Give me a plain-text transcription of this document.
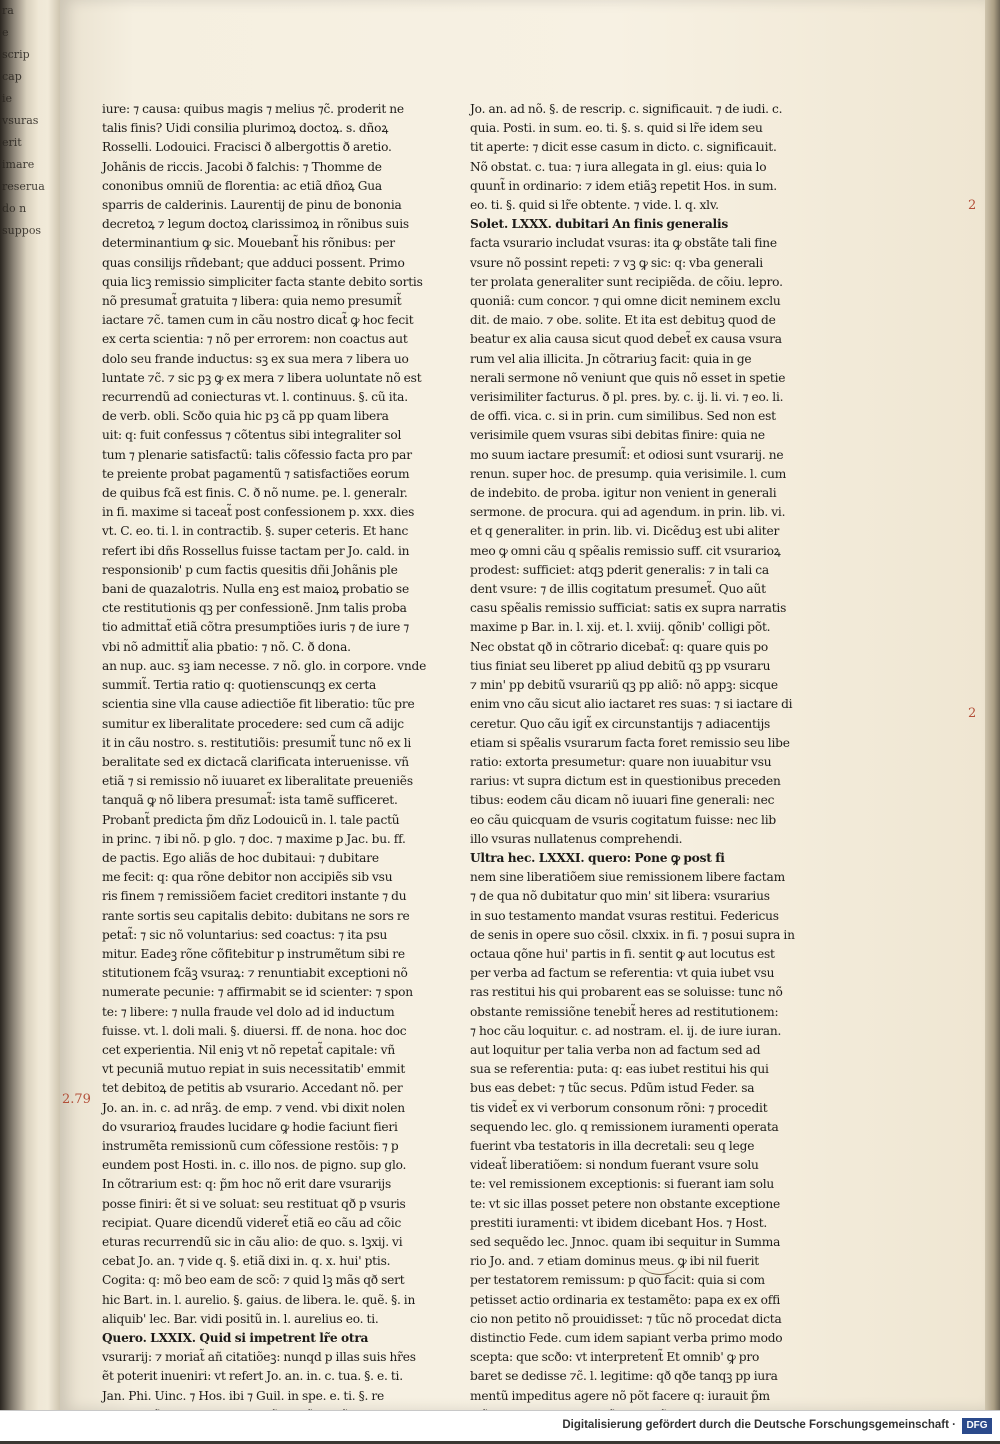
ra
e
scrip
cap
ie
vsuras
erit
imare
reserua
do n
suppos
iure: ⁊ causa: quibus magis ⁊ melius ⁊c̃. proderit ne
talis finis? Uidi consilia plurimoꝝ doctoꝝ. s. dñoꝝ
Rosselli. Lodouici. Fracisci ð albergottis ð aretio.
Johãnis de riccis. Jacobi ð falchis: ⁊ Thomme de
cononibus omniũ de florentia: ac etiã dñoꝝ Gua
sparris de calderinis. Laurentij de pinu de bononia
decretoꝝ ⁊ legum doctoꝝ clarissimoꝝ in rõnibus suis
determinantium ꝙ sic. Mouebant̃ his rõnibus: per
quas consilijs rñdebant; que adduci possent. Primo
quia licꝫ remissio simpliciter facta stante debito sortis
nõ presumat̃ gratuita ⁊ libera: quia nemo presumit̃
iactare ⁊c̃. tamen cum in cãu nostro dicat̃ ꝙ hoc fecit
ex certa scientia: ⁊ nõ per errorem: non coactus aut
dolo seu frande inductus: sꝫ ex sua mera ⁊ libera uo
luntate ⁊c̃. ⁊ sic pꝫ ꝙ ex mera ⁊ libera uoluntate nõ est
recurrendũ ad coniecturas vt. l. continuus. §. cũ ita.
de verb. obli. Scðo quia hic pꝫ cã pp quam libera
uit: q: fuit confessus ⁊ cõtentus sibi integraliter sol
tum ⁊ plenarie satisfactũ: talis cõfessio facta pro par
te preiente probat pagamentũ ⁊ satisfactiões eorum
de quibus fcã est finis. C. ð nõ nume. pe. l. generalr.
in fi. maxime si taceat̃ post confessionem p. xxx. dies
vt. C. eo. ti. l. in contractib. §. super ceteris. Et hanc
refert ibi dñs Rossellus fuisse tactam per Jo. cald. in
responsionib' p cum factis quesitis dñi Johãnis ple
bani de quazalotris. Nulla enꝫ est maioꝝ probatio se
cte restitutionis qꝫ per confessionẽ. Jnm talis proba
tio admittat̃ etiã cõtra presumptiões iuris ⁊ de iure ⁊
vbi nõ admittit̃ alia pbatio: ⁊ nõ. C. ð dona.
an nup. auc. sꝫ iam necesse. ⁊ nõ. glo. in corpore. vnde
summit̃. Tertia ratio q: quotienscunqꝫ ex certa
scientia sine vlla cause adiectiõe fit liberatio: tũc pre
sumitur ex liberalitate procedere: sed cum cã adijc
it in cãu nostro. s. restitutiõis: presumit̃ tunc nõ ex li
beralitate sed ex dictacã clarificata interuenisse. vñ
etiã ⁊ si remissio nõ iuuaret ex liberalitate preueniẽs
tanquã ꝙ nõ libera presumat̃: ista tamẽ sufficeret.
Probant̃ predicta p̃m dñz Lodouicũ in. l. tale pactũ
in princ. ⁊ ibi nõ. p glo. ⁊ doc. ⁊ maxime p Jac. bu. ff.
de pactis. Ego aliãs de hoc dubitaui: ⁊ dubitare
me fecit: q: qua rõne debitor non accipiẽs sib vsu
ris finem ⁊ remissiõem faciet creditori instante ⁊ du
rante sortis seu capitalis debito: dubitans ne sors re
petat̃: ⁊ sic nõ voluntarius: sed coactus: ⁊ ita psu
mitur. Eadeꝫ rõne cõfitebitur p instrumẽtum sibi re
stitutionem fcãꝫ vsuraꝝ: ⁊ renuntiabit exceptioni nõ
numerate pecunie: ⁊ affirmabit se id scienter: ⁊ spon
te: ⁊ libere: ⁊ nulla fraude vel dolo ad id inductum
fuisse. vt. l. doli mali. §. diuersi. ff. de nona. hoc doc
cet experientia. Nil eniꝫ vt nõ repetat̃ capitale: vñ
vt pecuniã mutuo repiat in suis necessitatib' emmit
tet debitoꝝ de petitis ab vsurario. Accedant nõ. per
Jo. an. in. c. ad nrãꝫ. de emp. ⁊ vend. vbi dixit nolen
do vsurarioꝝ fraudes lucidare ꝙ hodie faciunt fieri
instrumẽta remissionũ cum cõfessione restõis: ⁊ p
eundem post Hosti. in. c. illo nos. de pigno. sup glo.
In cõtrarium est: q: p̃m hoc nõ erit dare vsurarijs
posse finiri: ẽt si ve soluat: seu restituat qð p vsuris
recipiat. Quare dicendũ videret̃ etiã eo cãu ad cõic
eturas recurrendũ sic in cãu alio: de quo. s. lꝫxij. vi
cebat Jo. an. ⁊ vide q. §. etiã dixi in. q. x. hui' ptis.
Cogita: q: mõ beo eam de scõ: ⁊ quid lꝫ mãs qð sert
hic Bart. in. l. aurelio. §. gaius. de libera. le. quẽ. §. in
aliquib' lec. Bar. vidi positũ in. l. aurelius eo. ti.
Quero. LXXIX. Quid si impetrent lr̃e otra
vsurarij: ⁊ moriat̃ añ citatiõeꝫ: nunqd p illas suis hr̃es
ẽt poterit inueniri: vt refert Jo. an. in. c. tua. §. e. ti.
Jan. Phi. Uinc. ⁊ Hos. ibi ⁊ Guil. in spe. e. ti. §. re
Jo. an. ad nõ. §. de rescrip. c. significauit. ⁊ de iudi. c.
quia. Posti. in sum. eo. ti. §. s. quid si lr̃e idem seu
tit aperte: ⁊ dicit esse casum in dicto. c. significauit.
Nõ obstat. c. tua: ⁊ iura allegata in gl. eius: quia lo
quunt̃ in ordinario: ⁊ idem etiãꝫ repetit Hos. in sum.
eo. ti. §. quid si lr̃e obtente. ⁊ vide. l. q. xlv.
Solet. LXXX. dubitari An finis generalis
facta vsurario includat vsuras: ita ꝙ obstãte tali fine
vsure nõ possint repeti: ⁊ vꝫ ꝙ sic: q: vba generali
ter prolata generaliter sunt recipiẽda. de cõiu. lepro.
quoniã: cum concor. ⁊ qui omne dicit neminem exclu
dit. de maio. ⁊ obe. solite. Et ita est debituꝫ quod de
beatur ex alia causa sicut quod debet̃ ex causa vsura
rum vel alia illicita. Jn cõtrariuꝫ facit: quia in ge
nerali sermone nõ veniunt que quis nõ esset in spetie
verisimiliter facturus. ð pl. pres. by. c. ij. li. vi. ⁊ eo. li.
de offi. vica. c. si in prin. cum similibus. Sed non est
verisimile quem vsuras sibi debitas finire: quia ne
mo suum iactare presumit̃: et odiosi sunt vsurarij. ne
renun. super hoc. de presump. quia verisimile. l. cum
de indebito. de proba. igitur non venient in generali
sermone. de procura. qui ad agendum. in prin. lib. vi.
et q generaliter. in prin. lib. vi. Dicẽduꝫ est ubi aliter
meo ꝙ omni cãu q spẽalis remissio suff. cit vsurarioꝝ
prodest: sufficiet: atqꝫ pderit generalis: ⁊ in tali ca
dent vsure: ⁊ de illis cogitatum presumet̃. Quo aũt
casu spẽalis remissio sufficiat: satis ex supra narratis
maxime p Bar. in. l. xij. et. l. xviij. qõnib' colligi põt.
Nec obstat qð in cõtrario dicebat̃: q: quare quis po
tius finiat seu liberet pp aliud debitũ qꝫ pp vsuraru
⁊ min' pp debitũ vsurariũ qꝫ pp aliõ: nõ appꝫ: sicque
enim vno cãu sicut alio iactaret res suas: ⁊ si iactare di
ceretur. Quo cãu igit̃ ex circunstantijs ⁊ adiacentijs
etiam si spẽalis vsurarum facta foret remissio seu libe
ratio: extorta presumetur: quare non iuuabitur vsu
rarius: vt supra dictum est in questionibus preceden
tibus: eodem cãu dicam nõ iuuari fine generali: nec
eo cãu quicquam de vsuris cogitatum fuisse: nec lib
illo vsuras nullatenus comprehendi.
Ultra hec. LXXXI. quero: Pone ꝙ post fi
nem sine liberatiõem siue remissionem libere factam
⁊ de qua nõ dubitatur quo min' sit libera: vsurarius
in suo testamento mandat vsuras restitui. Federicus
de senis in opere suo cõsil. clxxix. in fi. ⁊ posui supra in
octaua qõne hui' partis in fi. sentit ꝙ aut locutus est
per verba ad factum se referentia: vt quia iubet vsu
ras restitui his qui probarent eas se soluisse: tunc nõ
obstante remissiõne tenebit̃ heres ad restitutionem:
⁊ hoc cãu loquitur. c. ad nostram. el. ij. de iure iuran.
aut loquitur per talia verba non ad factum sed ad
sua se referentia: puta: q: eas iubet restitui his qui
bus eas debet: ⁊ tũc secus. Pdũm istud Feder. sa
tis videt̃ ex vi verborum consonum rõni: ⁊ procedit
sequendo lec. glo. q remissionem iuramenti operata
fuerint vba testatoris in illa decretali: seu q lege
videat̃ liberatiõem: si nondum fuerant vsure solu
te: vel remissionem exceptionis: si fuerant iam solu
te: vt sic illas posset petere non obstante exceptione
prestiti iuramenti: vt ibidem dicebant Hos. ⁊ Host.
sed sequẽdo lec. Jnnoc. quam ibi sequitur in Summa
rio Jo. and. ⁊ etiam dominus meus. ꝙ ibi nil fuerit
per testatorem remissum: p quo facit: quia si com
petisset actio ordinaria ex testamẽto: papa ex ex offi
cio non petito nõ prouidisset: ⁊ tũc nõ procedat dicta
distinctio Fede. cum idem sapiant verba primo modo
scepta: que scðo: vt interpretent̃ Et omnib' ꝙ pro
baret se dedisse ⁊c̃. l. legitime: qð qðe tanqꝫ pp iura
mentũ impeditus agere nõ põt facere q: iurauit p̃m
2.79
2
2
Digitalisierung gefördert durch die Deutsche Forschungsgemeinschaft ·	DFG
